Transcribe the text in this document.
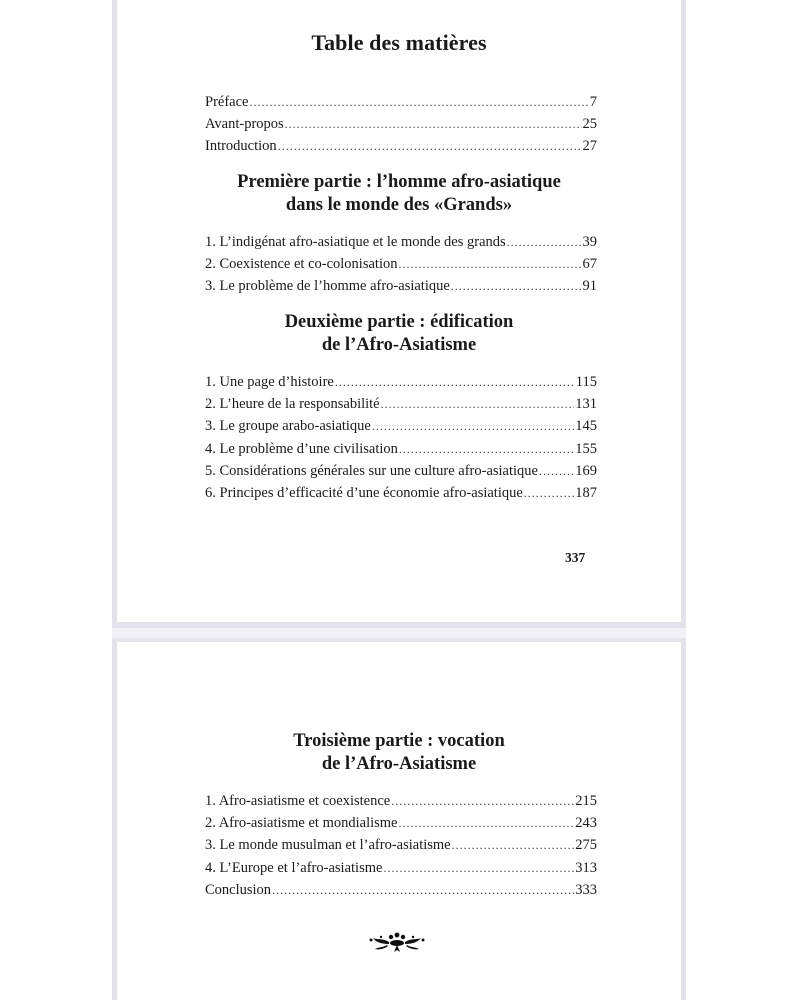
Table des matières
Préface .....	7
Avant-propos .....	25
Introduction .....	27
Première partie : l’homme afro-asiatique
dans le monde des «Grands»
1. L’indigénat afro-asiatique et le monde des grands .....	39
2. Coexistence et co-colonisation .....	67
3. Le problème de l’homme afro-asiatique .....	91
Deuxième partie : édification
de l’Afro-Asiatisme
1. Une page d’histoire .....	115
2. L’heure de la responsabilité .....	131
3. Le groupe arabo-asiatique .....	145
4. Le problème d’une civilisation .....	155
5. Considérations générales sur une culture afro-asiatique .....	169
6. Principes d’efficacité d’une économie afro-asiatique .....	187
337
Troisième partie : vocation
de l’Afro-Asiatisme
1. Afro-asiatisme et coexistence .....	215
2. Afro-asiatisme et mondialisme .....	243
3. Le monde musulman et l’afro-asiatisme .....	275
4. L’Europe et l’afro-asiatisme .....	313
Conclusion .....	333
